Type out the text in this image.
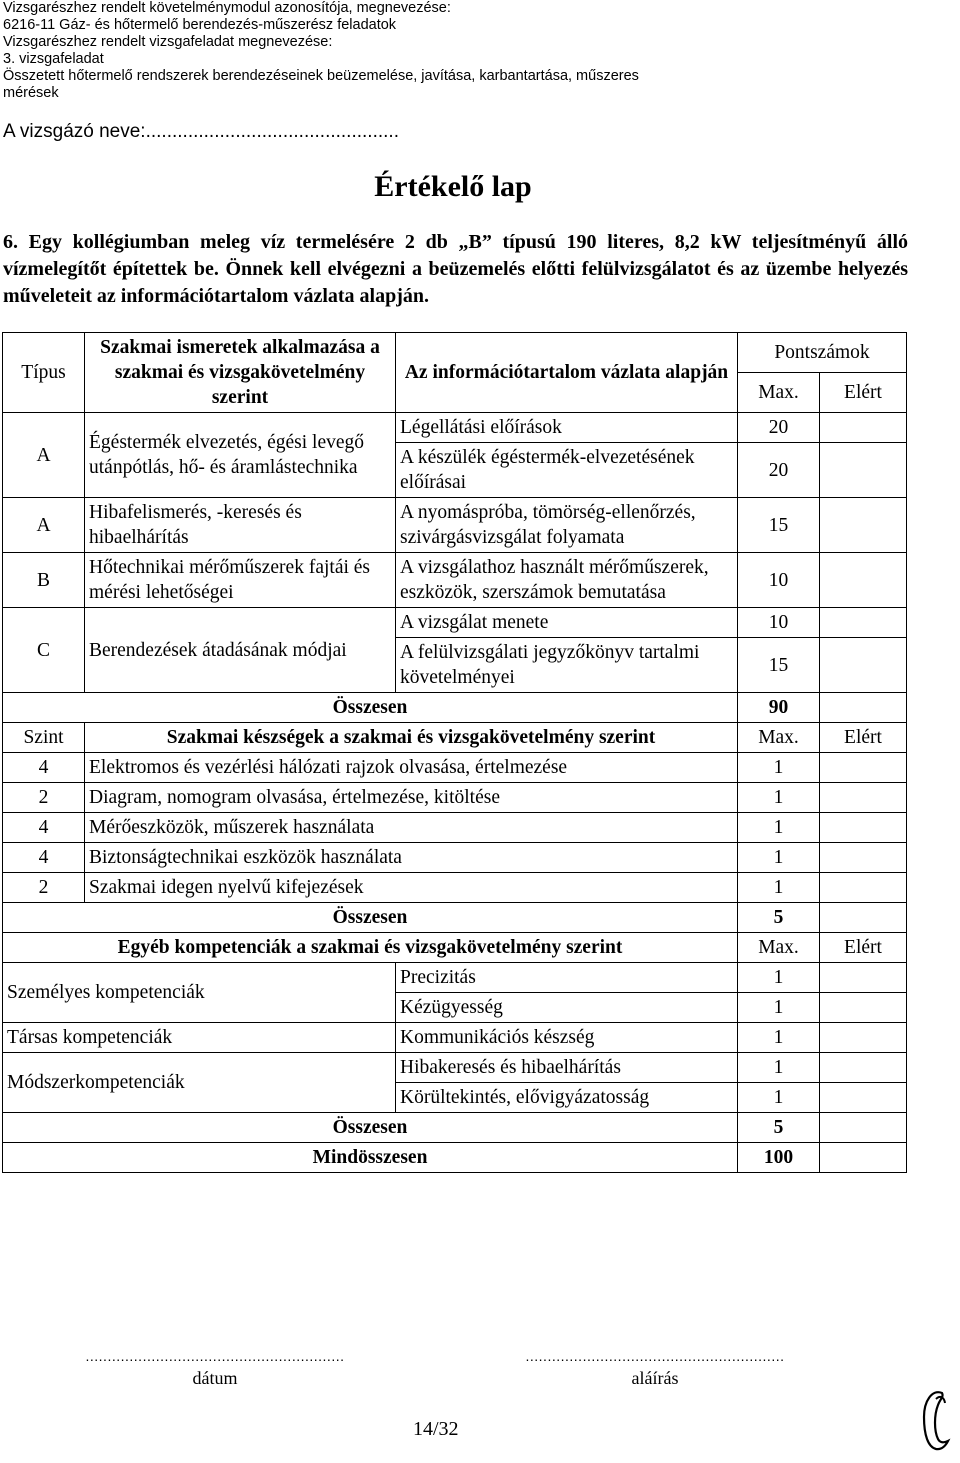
Vizsgarészhez rendelt követelménymodul azonosítója, megnevezése:
6216-11 Gáz- és hőtermelő berendezés-műszerész feladatok
Vizsgarészhez rendelt vizsgafeladat megnevezése:
3. vizsgafeladat
Összetett hőtermelő rendszerek berendezéseinek beüzemelése, javítása, karbantartása, műszeres
mérések
A vizsgázó neve:................................................
Értékelő lap
6. Egy kollégiumban meleg víz termelésére 2 db „B” típusú 190 literes, 8,2 kW teljesítményű álló vízmelegítőt építettek be. Önnek kell elvégezni a beüzemelés előtti felülvizsgálatot és az üzembe helyezés műveleteit az információtartalom vázlata alapján.
Típus	Szakmai ismeretek alkalmazása a szakmai és vizsgakövetelmény szerint	Az információtartalom vázlata alapján	Pontszámok	
			Max.	Elért
A	Égéstermék elvezetés, égési levegő utánpótlás, hő- és áramlástechnika	Légellátási előírások	20	
		A készülék égéstermék-elvezetésének előírásai	20	
A	Hibafelismerés, -keresés és hibaelhárítás	A nyomáspróba, tömörség-ellenőrzés, szivárgásvizsgálat folyamata	15	
B	Hőtechnikai mérőműszerek fajtái és mérési lehetőségei	A vizsgálathoz használt mérőműszerek, eszközök, szerszámok bemutatása	10	
C	Berendezések átadásának módjai	A vizsgálat menete	10	
		A felülvizsgálati jegyzőkönyv tartalmi követelményei	15	
Összesen			90	
Szint	Szakmai készségek a szakmai és vizsgakövetelmény szerint		Max.	Elért
4	Elektromos és vezérlési hálózati rajzok olvasása, értelmezése		1	
2	Diagram, nomogram olvasása, értelmezése, kitöltése		1	
4	Mérőeszközök, műszerek használata		1	
4	Biztonságtechnikai eszközök használata		1	
2	Szakmai idegen nyelvű kifejezések		1	
Összesen			5	
Egyéb kompetenciák a szakmai és vizsgakövetelmény szerint			Max.	Elért
Személyes kompetenciák		Precizitás	1	
		Kézügyesség	1	
Társas kompetenciák		Kommunikációs készség	1	
Módszerkompetenciák		Hibakeresés és hibaelhárítás	1	
		Körültekintés, elővigyázatosság	1	
Összesen			5	
Mindösszesen			100	
...........................................................
dátum
...........................................................
aláírás
14/32
